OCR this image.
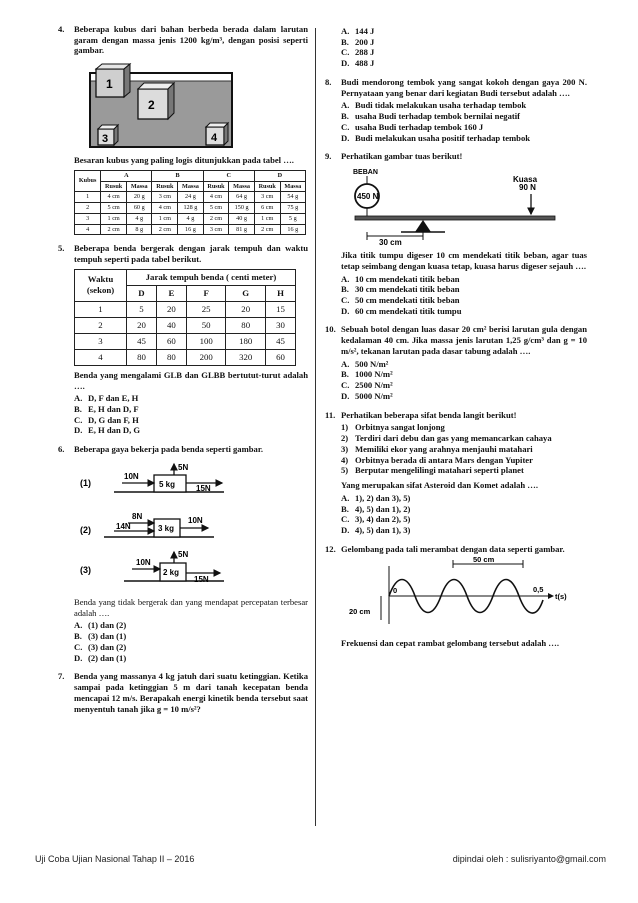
4. Beberapa kubus dari bahan berbeda berada dalam larutan garam dengan massa jenis 1200 kg/m³, dengan posisi seperti gambar.
1
2
3	4
Besaran kubus yang paling logis ditunjukkan pada tabel ….
Kubus	A		B		C		D	
	Rusuk	Massa	Rusuk	Massa	Rusuk	Massa	Rusuk	Massa
1	4 cm	20 g	3 cm	24 g	4 cm	64 g	3 cm	54 g
2	5 cm	60 g	4 cm	128 g	5 cm	150 g	6 cm	75 g
3	1 cm	4 g	1 cm	4 g	2 cm	40 g	1 cm	5 g
4	2 cm	8 g	2 cm	16 g	3 cm	81 g	2 cm	16 g
5. Beberapa benda bergerak dengan jarak tempuh dan waktu tempuh seperti pada tabel berikut.
Waktu (sekon)	Jarak tempuh benda ( centi meter)				
	D	E	F	G	H
1	5	20	25	20	15
2	20	40	50	80	30
3	45	60	100	180	45
4	80	80	200	320	60
Benda yang mengalami GLB dan GLBB bertutut-turut adalah ….
A. D, F dan E, H
B. E, H dan D, F
C. D, G dan F, H
D. E, H dan D, G
6. Beberapa gaya bekerja pada benda seperti gambar.
(1)	5 kg
10N
5N
15N
(2)	3 kg
8N
14N
10N
(3)	2 kg
10N
5N
15N
Benda yang tidak bergerak dan yang mendapat percepatan terbesar adalah ….
A. (1) dan (2)
B. (3) dan (1)
C. (3) dan (2)
D. (2) dan (1)
7. Benda yang massanya 4 kg jatuh dari suatu ketinggian. Ketika sampai pada ketinggian 5 m dari tanah kecepatan benda mencapai 12 m/s. Berapakah energi kinetik benda tersebut saat menyentuh tanah jika g = 10 m/s²?
A. 144 J
B. 200 J
C. 288 J
D. 488 J
8. Budi mendorong tembok yang sangat kokoh dengan gaya 200 N. Pernyataan yang benar dari kegiatan Budi tersebut adalah ….
A. Budi tidak melakukan usaha terhadap tembok
B. usaha Budi terhadap tembok bernilai negatif
C. usaha Budi terhadap tembok 160 J
D. Budi melakukan usaha positif terhadap tembok
9. Perhatikan gambar tuas berikut!
BEBAN
450 N
Kuasa
90 N
30 cm
Jika titik tumpu digeser 10 cm mendekati titik beban, agar tuas tetap seimbang dengan kuasa tetap, kuasa harus digeser sejauh ….
A. 10 cm mendekati titik beban
B. 30 cm mendekati titik beban
C. 50 cm mendekati titik beban
D. 60 cm mendekati titik tumpu
10. Sebuah botol dengan luas dasar 20 cm² berisi larutan gula dengan kedalaman 40 cm. Jika massa jenis larutan 1,25 g/cm³ dan g = 10 m/s², tekanan larutan pada dasar tabung adalah ….
A. 500 N/m²
B. 1000 N/m²
C. 2500 N/m²
D. 5000 N/m²
11. Perhatikan beberapa sifat benda langit berikut!
1) Orbitnya sangat lonjong
2) Terdiri dari debu dan gas yang memancarkan cahaya
3) Memiliki ekor yang arahnya menjauhi matahari
4) Orbitnya berada di antara Mars dengan Yupiter
5) Berputar mengelilingi matahari seperti planet
Yang merupakan sifat Asteroid dan Komet adalah ….
A. 1), 2) dan 3), 5)
B. 4), 5) dan 1), 2)
C. 3), 4) dan 2), 5)
D. 4), 5) dan 1), 3)
12. Gelombang pada tali merambat dengan data seperti gambar.
50 cm
0	0,5
t(s)
20 cm
Frekuensi dan cepat rambat gelombang tersebut adalah ….
Uji Coba Ujian Nasional Tahap II – 2016	dipindai oleh : sulisriyanto@gmail.com
